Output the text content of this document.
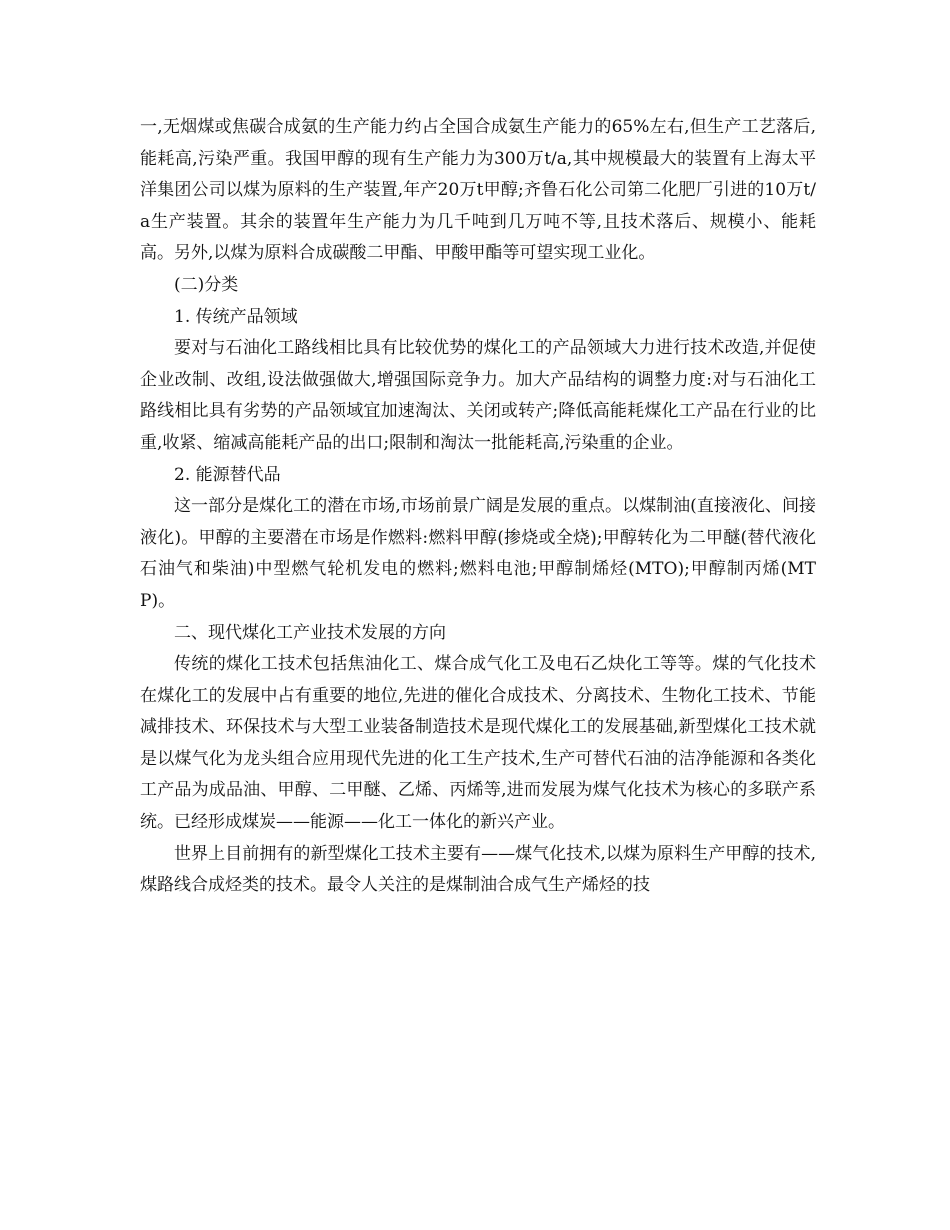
一,无烟煤或焦碳合成氨的生产能力约占全国合成氨生产能力的65%左右,但生产工艺落后,能耗高,污染严重。我国甲醇的现有生产能力为300万t/a,其中规模最大的装置有上海太平洋集团公司以煤为原料的生产装置,年产20万t甲醇;齐鲁石化公司第二化肥厂引进的10万t/a生产装置。其余的装置年生产能力为几千吨到几万吨不等,且技术落后、规模小、能耗高。另外,以煤为原料合成碳酸二甲酯、甲酸甲酯等可望实现工业化。

(二)分类

1. 传统产品领域

要对与石油化工路线相比具有比较优势的煤化工的产品领域大力进行技术改造,并促使企业改制、改组,设法做强做大,增强国际竞争力。加大产品结构的调整力度:对与石油化工路线相比具有劣势的产品领域宜加速淘汰、关闭或转产;降低高能耗煤化工产品在行业的比重,收紧、缩减高能耗产品的出口;限制和淘汰一批能耗高,污染重的企业。

2. 能源替代品

这一部分是煤化工的潜在市场,市场前景广阔是发展的重点。以煤制油(直接液化、间接液化)。甲醇的主要潜在市场是作燃料:燃料甲醇(掺烧或全烧);甲醇转化为二甲醚(替代液化石油气和柴油)中型燃气轮机发电的燃料;燃料电池;甲醇制烯烃(MTO);甲醇制丙烯(MTP)。

二、现代煤化工产业技术发展的方向

传统的煤化工技术包括焦油化工、煤合成气化工及电石乙炔化工等等。煤的气化技术在煤化工的发展中占有重要的地位,先进的催化合成技术、分离技术、生物化工技术、节能减排技术、环保技术与大型工业装备制造技术是现代煤化工的发展基础,新型煤化工技术就是以煤气化为龙头组合应用现代先进的化工生产技术,生产可替代石油的洁净能源和各类化工产品为成品油、甲醇、二甲醚、乙烯、丙烯等,进而发展为煤气化技术为核心的多联产系统。已经形成煤炭——能源——化工一体化的新兴产业。

世界上目前拥有的新型煤化工技术主要有——煤气化技术,以煤为原料生产甲醇的技术,煤路线合成烃类的技术。最令人关注的是煤制油合成气生产烯烃的技
